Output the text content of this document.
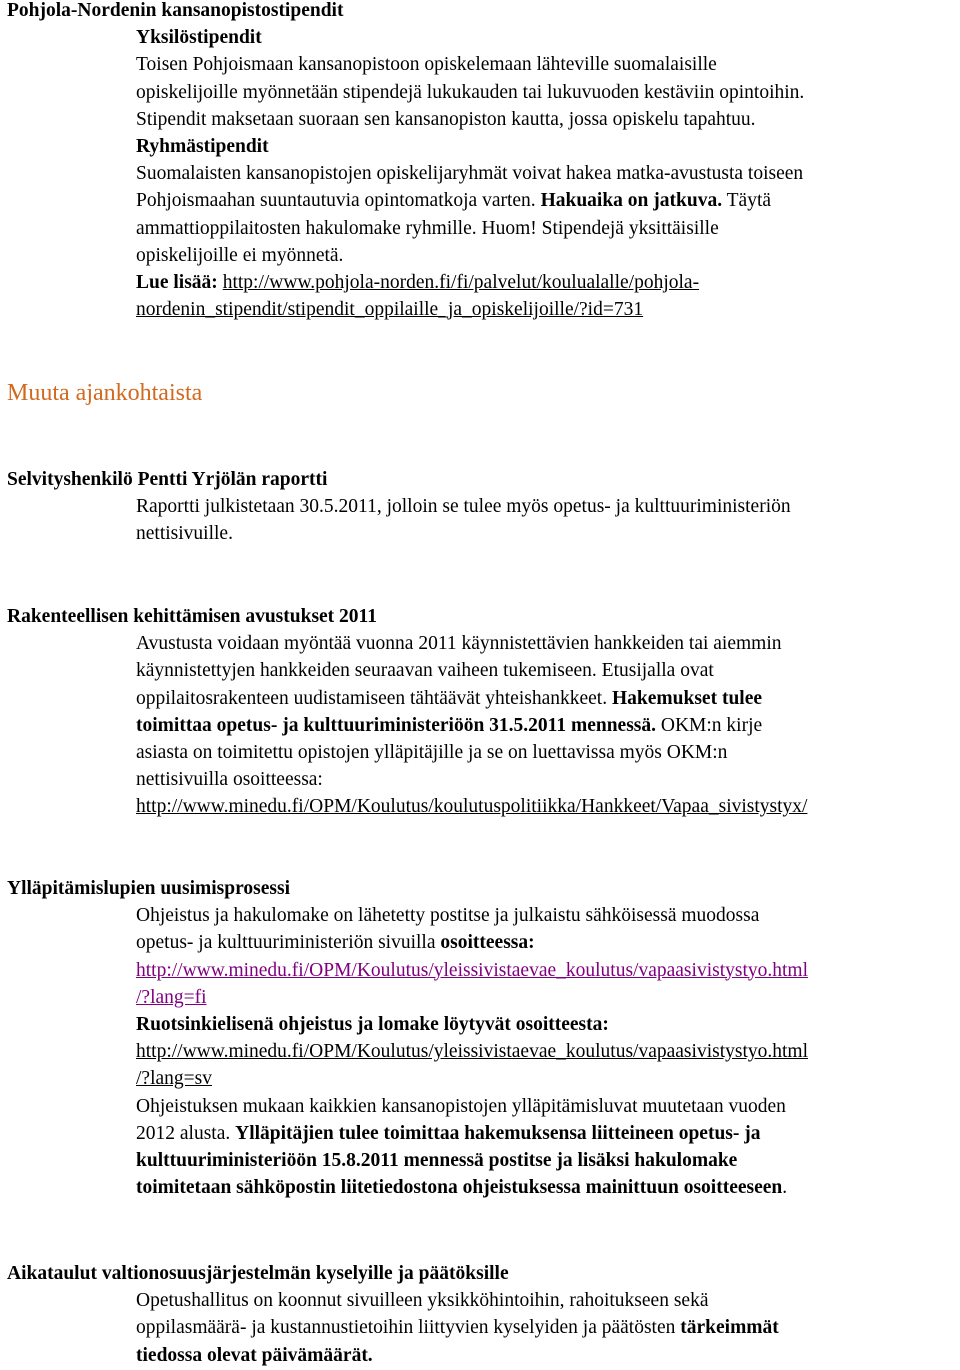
Pohjola-Nordenin kansanopistostipendit
Yksilöstipendit
Toisen Pohjoismaan kansanopistoon opiskelemaan lähteville suomalaisille
opiskelijoille myönnetään stipendejä lukukauden tai lukuvuoden kestäviin opintoihin.
Stipendit maksetaan suoraan sen kansanopiston kautta, jossa opiskelu tapahtuu.
Ryhmästipendit
Suomalaisten kansanopistojen opiskelijaryhmät voivat hakea matka-avustusta toiseen
Pohjoismaahan suuntautuvia opintomatkoja varten. Hakuaika on jatkuva. Täytä
ammattioppilaitosten hakulomake ryhmille. Huom! Stipendejä yksittäisille
opiskelijoille ei myönnetä.
Lue lisää: http://www.pohjola-norden.fi/fi/palvelut/koulualalle/pohjola-
nordenin_stipendit/stipendit_oppilaille_ja_opiskelijoille/?id=731
Muuta ajankohtaista
Selvityshenkilö Pentti Yrjölän raportti
Raportti julkistetaan 30.5.2011, jolloin se tulee myös opetus- ja kulttuuriministeriön
nettisivuille.
Rakenteellisen kehittämisen avustukset 2011
Avustusta voidaan myöntää vuonna 2011 käynnistettävien hankkeiden tai aiemmin
käynnistettyjen hankkeiden seuraavan vaiheen tukemiseen. Etusijalla ovat
oppilaitosrakenteen uudistamiseen tähtäävät yhteishankkeet. Hakemukset tulee
toimittaa opetus- ja kulttuuriministeriöön 31.5.2011 mennessä. OKM:n kirje
asiasta on toimitettu opistojen ylläpitäjille ja se on luettavissa myös OKM:n
nettisivuilla osoitteessa:
http://www.minedu.fi/OPM/Koulutus/koulutuspolitiikka/Hankkeet/Vapaa_sivistystyx/
Ylläpitämislupien uusimisprosessi
Ohjeistus ja hakulomake on lähetetty postitse ja julkaistu sähköisessä muodossa
opetus- ja kulttuuriministeriön sivuilla osoitteessa:
http://www.minedu.fi/OPM/Koulutus/yleissivistaevae_koulutus/vapaasivistystyo.html
/?lang=fi
Ruotsinkielisenä ohjeistus ja lomake löytyvät osoitteesta:
http://www.minedu.fi/OPM/Koulutus/yleissivistaevae_koulutus/vapaasivistystyo.html
/?lang=sv
Ohjeistuksen mukaan kaikkien kansanopistojen ylläpitämisluvat muutetaan vuoden
2012 alusta. Ylläpitäjien tulee toimittaa hakemuksensa liitteineen opetus- ja
kulttuuriministeriöön 15.8.2011 mennessä postitse ja lisäksi hakulomake
toimitetaan sähköpostin liitetiedostona ohjeistuksessa mainittuun osoitteeseen.
Aikataulut valtionosuusjärjestelmän kyselyille ja päätöksille
Opetushallitus on koonnut sivuilleen yksikköhintoihin, rahoitukseen sekä
oppilasmäärä- ja kustannustietoihin liittyvien kyselyiden ja päätösten tärkeimmät
tiedossa olevat päivämäärät.
